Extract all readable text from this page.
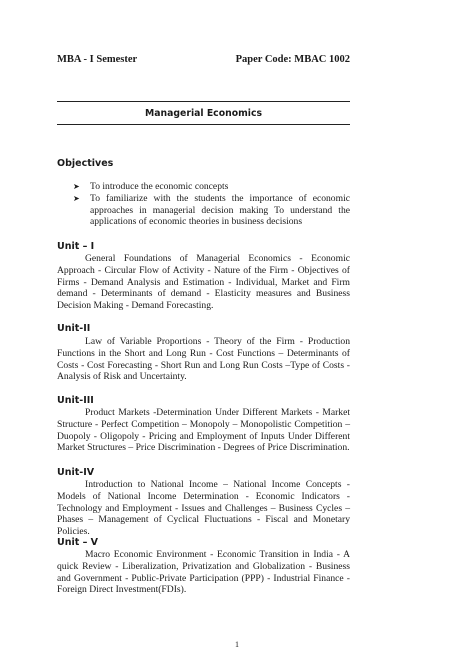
MBA - I Semester	Paper Code: MBAC 1002
Managerial Economics
Objectives
➤ To introduce the economic concepts
➤ To familiarize with the students the importance of economic approaches in managerial decision making To understand the applications of economic theories in business decisions
Unit – I

General Foundations of Managerial Economics - Economic Approach - Circular Flow of Activity - Nature of the Firm - Objectives of Firms - Demand Analysis and Estimation - Individual, Market and Firm demand - Determinants of demand - Elasticity measures and Business Decision Making - Demand Forecasting.

Unit-II

Law of Variable Proportions - Theory of the Firm - Production Functions in the Short and Long Run - Cost Functions – Determinants of Costs - Cost Forecasting - Short Run and Long Run Costs –Type of Costs - Analysis of Risk and Uncertainty.

Unit-III

Product Markets -Determination Under Different Markets - Market Structure - Perfect Competition – Monopoly – Monopolistic Competition – Duopoly - Oligopoly - Pricing and Employment of Inputs Under Different Market Structures – Price Discrimination - Degrees of Price Discrimination.

Unit-IV

Introduction to National Income – National Income Concepts - Models of National Income Determination - Economic Indicators - Technology and Employment - Issues and Challenges – Business Cycles – Phases – Management of Cyclical Fluctuations - Fiscal and Monetary Policies.

Unit – V

Macro Economic Environment - Economic Transition in India - A quick Review - Liberalization, Privatization and Globalization - Business and Government - Public-Private Participation (PPP) - Industrial Finance - Foreign Direct Investment(FDIs).

1
